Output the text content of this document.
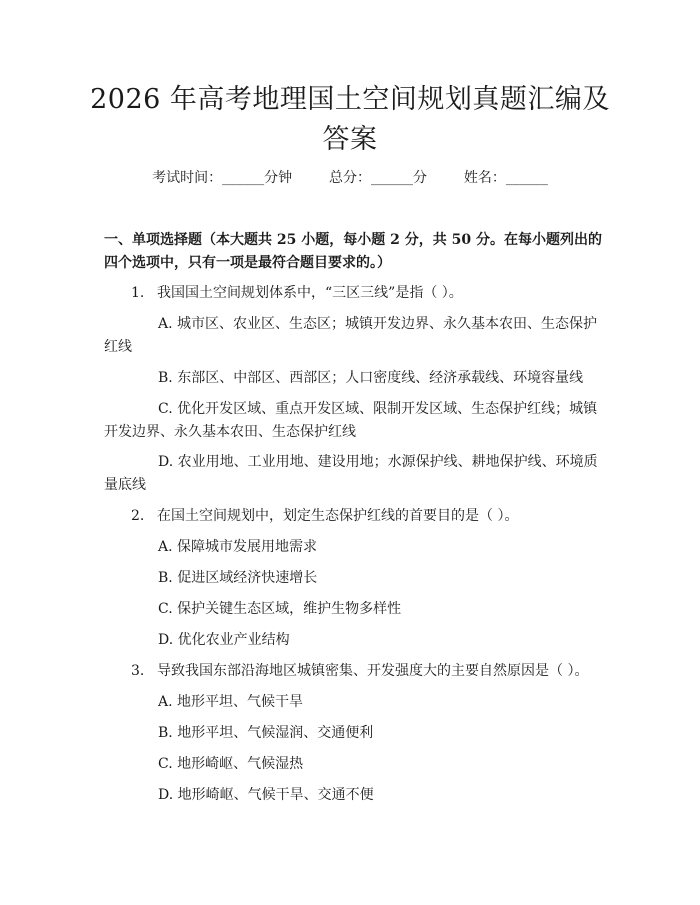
2026 年高考地理国土空间规划真题汇编及答案
考试时间：______分钟	总分：______分	姓名：______
一、单项选择题（本大题共 25 小题，每小题 2 分，共 50 分。在每小题列出的四个选项中，只有一项是最符合题目要求的。）
1. 我国国土空间规划体系中，“三区三线”是指（ ）。
A. 城市区、农业区、生态区；城镇开发边界、永久基本农田、生态保护
红线
B. 东部区、中部区、西部区；人口密度线、经济承载线、环境容量线
C. 优化开发区域、重点开发区域、限制开发区域、生态保护红线；城镇
开发边界、永久基本农田、生态保护红线
D. 农业用地、工业用地、建设用地；水源保护线、耕地保护线、环境质
量底线
2. 在国土空间规划中，划定生态保护红线的首要目的是（ ）。
A. 保障城市发展用地需求
B. 促进区域经济快速增长
C. 保护关键生态区域，维护生物多样性
D. 优化农业产业结构
3. 导致我国东部沿海地区城镇密集、开发强度大的主要自然原因是（ ）。
A. 地形平坦、气候干旱
B. 地形平坦、气候湿润、交通便利
C. 地形崎岖、气候湿热
D. 地形崎岖、气候干旱、交通不便
